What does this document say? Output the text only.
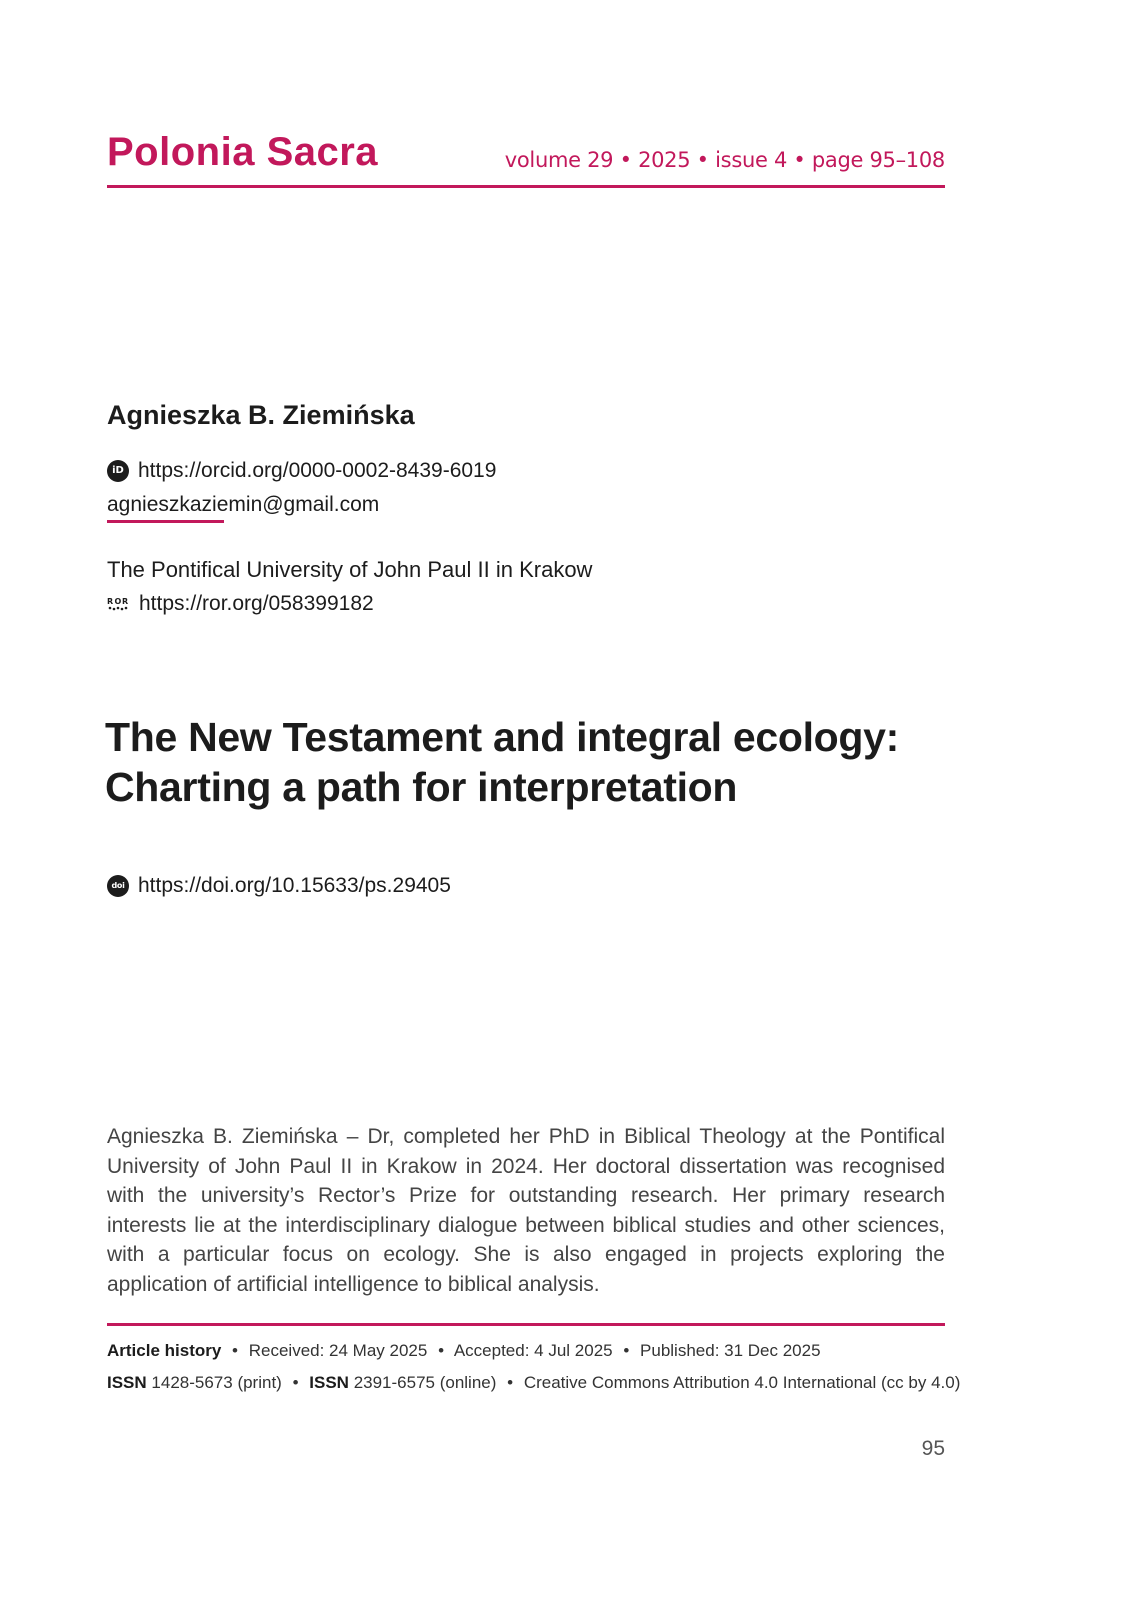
Polonia Sacra	volume 29 • 2025 • issue 4 • page 95–108
Agnieszka B. Ziemińska
iD https://orcid.org/0000-0002-8439-6019
agnieszkaziemin@gmail.com
The Pontifical University of John Paul II in Krakow
R O R https://ror.org/058399182
The New Testament and integral ecology:
Charting a path for interpretation
doi https://doi.org/10.15633/ps.29405

Agnieszka B. Ziemińska – Dr, completed her PhD in Biblical Theology at the Pontifical University of John Paul II in Krakow in 2024. Her doctoral dissertation was recognised with the university’s Rector’s Prize for outstanding research. Her primary research interests lie at the interdisciplinary dialogue between biblical studies and other sciences, with a particular focus on ecology. She is also engaged in projects exploring the application of artificial intelligence to biblical analysis.

Article history • Received: 24 May 2025 • Accepted: 4 Jul 2025 • Published: 31 Dec 2025
ISSN 1428-5673 (print) • ISSN 2391-6575 (online) • Creative Commons Attribution 4.0 International (cc by 4.0)
95
